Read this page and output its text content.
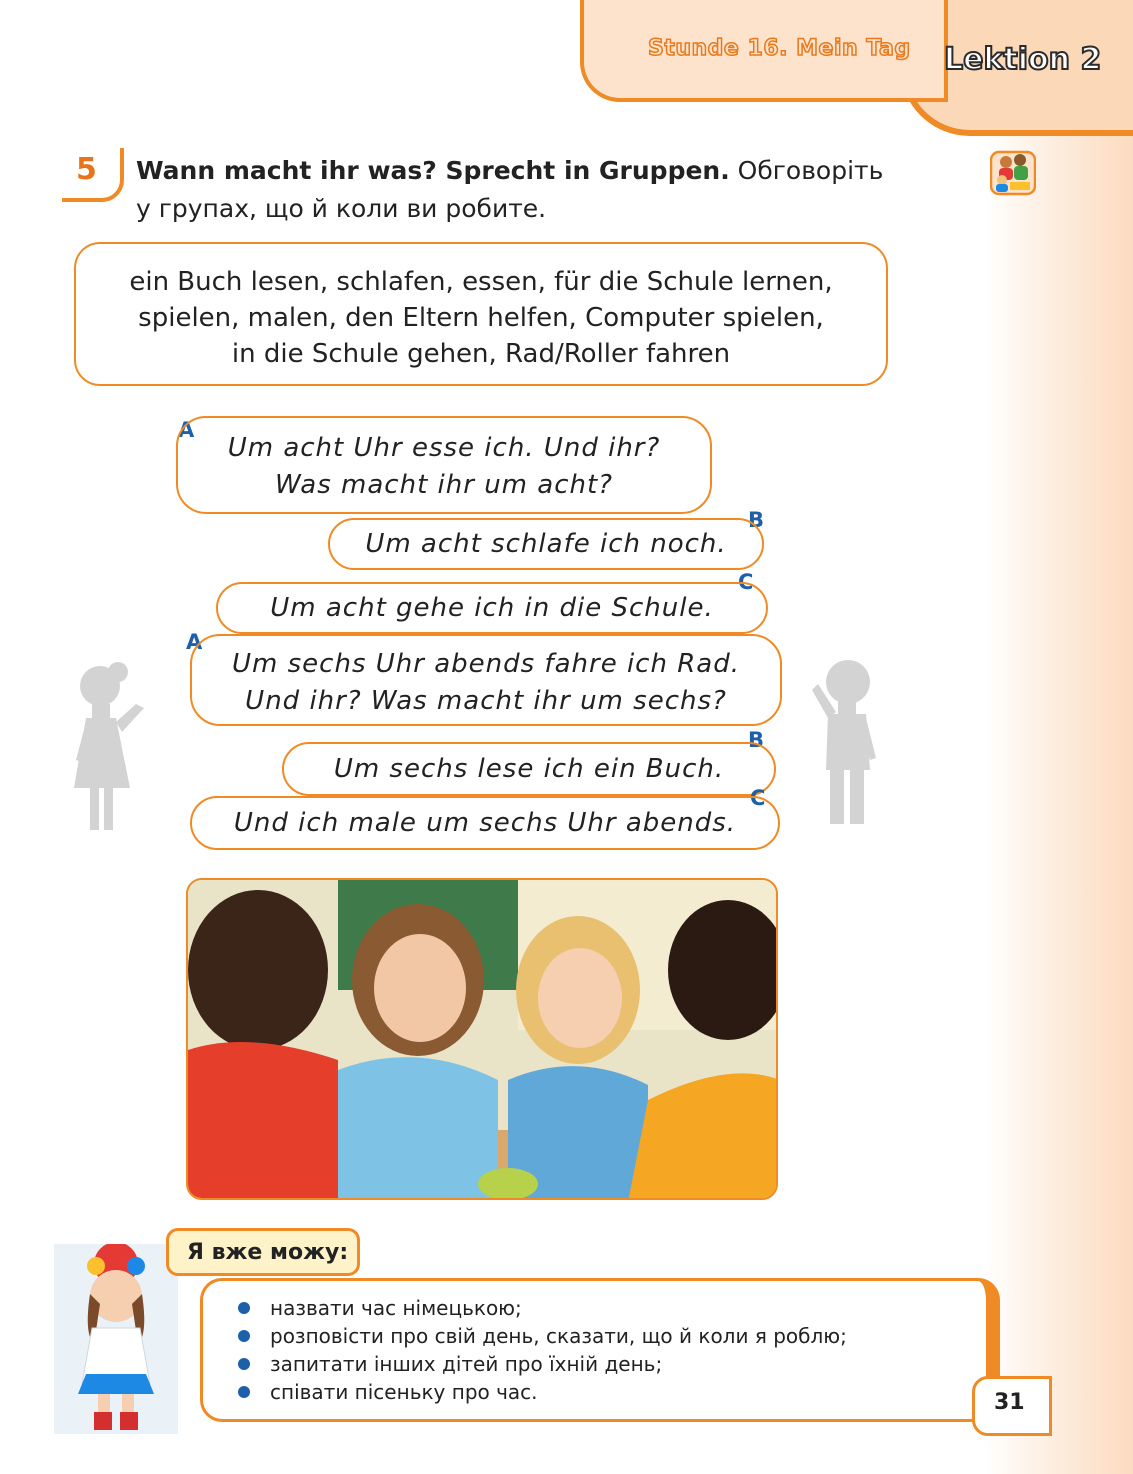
Stunde 16. Mein Tag Lektion 2
5 Wann macht ihr was? Sprecht in Gruppen. Обговоріть у групах, що й коли ви робите.
ein Buch lesen, schlafen, essen, für die Schule lernen,
spielen, malen, den Eltern helfen, Computer spielen,
in die Schule gehen, Rad/Roller fahren
A
Um acht Uhr esse ich. Und ihr?
Was macht ihr um acht?
B
Um acht schlafe ich noch.
C
Um acht gehe ich in die Schule.
A
Um sechs Uhr abends fahre ich Rad.
Und ihr? Was macht ihr um sechs?
B
Um sechs lese ich ein Buch.
C
Und ich male um sechs Uhr abends.
Я вже можу:
назвати час німецькою;
розповісти про свій день, сказати, що й коли я роблю;
запитати інших дітей про їхній день;
співати пісеньку про час.	31
